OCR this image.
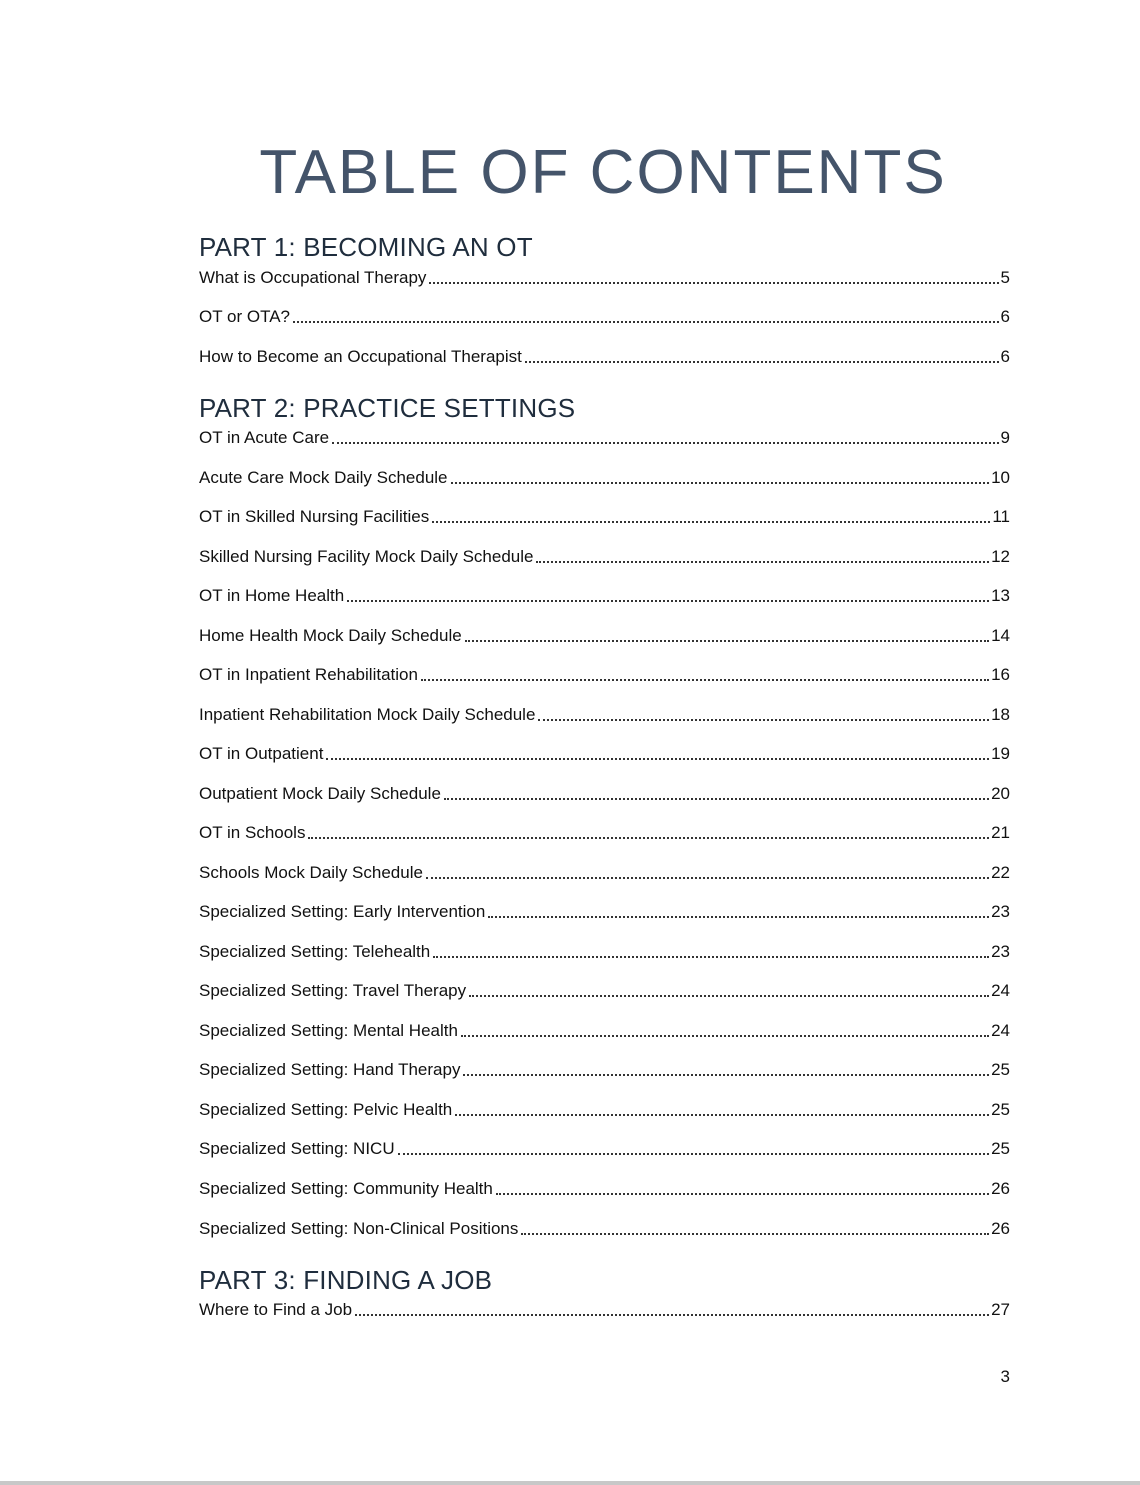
TABLE OF CONTENTS
PART 1: BECOMING AN OT
What is Occupational Therapy	5
OT or OTA?	6
How to Become an Occupational Therapist	6
PART 2: PRACTICE SETTINGS
OT in Acute Care	9
Acute Care Mock Daily Schedule	10
OT in Skilled Nursing Facilities	11
Skilled Nursing Facility Mock Daily Schedule	12
OT in Home Health	13
Home Health Mock Daily Schedule	14
OT in Inpatient Rehabilitation	16
Inpatient Rehabilitation Mock Daily Schedule	18
OT in Outpatient	19
Outpatient Mock Daily Schedule	20
OT in Schools	21
Schools Mock Daily Schedule	22
Specialized Setting: Early Intervention	23
Specialized Setting: Telehealth	23
Specialized Setting: Travel Therapy	24
Specialized Setting: Mental Health	24
Specialized Setting: Hand Therapy	25
Specialized Setting: Pelvic Health	25
Specialized Setting: NICU	25
Specialized Setting: Community Health	26
Specialized Setting: Non-Clinical Positions	26
PART 3: FINDING A JOB
Where to Find a Job	27
3
